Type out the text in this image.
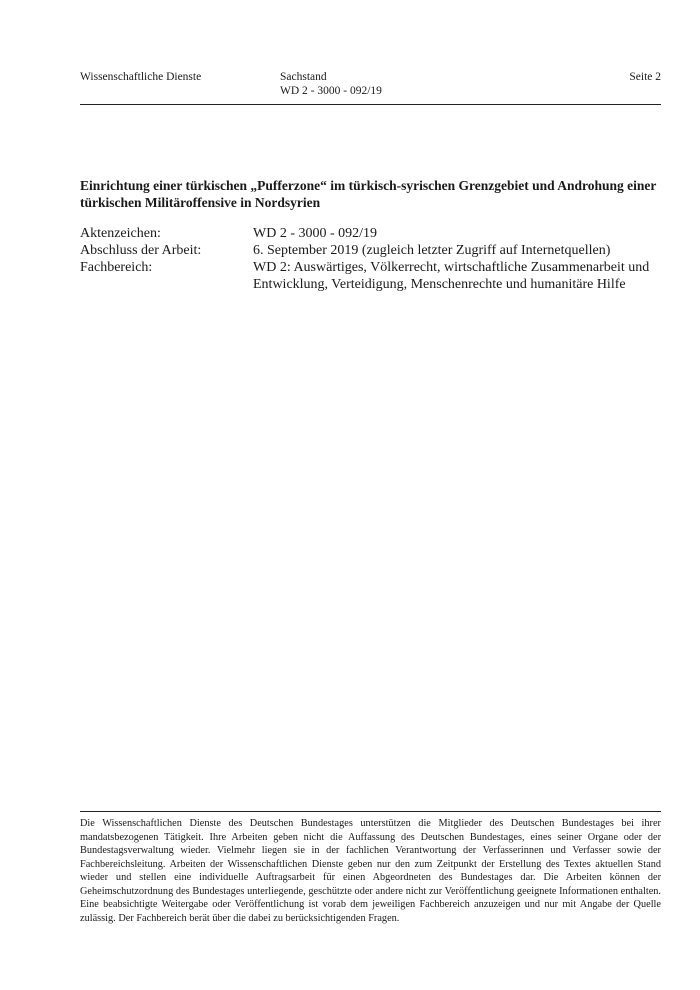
Wissenschaftliche Dienste	Sachstand
WD 2 - 3000 - 092/19
Seite 2
Einrichtung einer türkischen „Pufferzone“ im türkisch-syrischen Grenzgebiet und Androhung einer türkischen Militäroffensive in Nordsyrien
Aktenzeichen:	WD 2 - 3000 - 092/19
Abschluss der Arbeit:	6. September 2019 (zugleich letzter Zugriff auf Internetquellen)
Fachbereich:	WD 2: Auswärtiges, Völkerrecht, wirtschaftliche Zusammenarbeit und Entwicklung, Verteidigung, Menschenrechte und humanitäre Hilfe
Die Wissenschaftlichen Dienste des Deutschen Bundestages unterstützen die Mitglieder des Deutschen Bundestages bei ihrer mandatsbezogenen Tätigkeit. Ihre Arbeiten geben nicht die Auffassung des Deutschen Bundestages, eines seiner Organe oder der Bundestagsverwaltung wieder. Vielmehr liegen sie in der fachlichen Verantwortung der Verfasserinnen und Verfasser sowie der Fachbereichsleitung. Arbeiten der Wissenschaftlichen Dienste geben nur den zum Zeitpunkt der Erstellung des Textes aktuellen Stand wieder und stellen eine individuelle Auftragsarbeit für einen Abgeordneten des Bundestages dar. Die Arbeiten können der Geheimschutzordnung des Bundestages unterliegende, geschützte oder andere nicht zur Veröffentlichung geeignete Informationen enthalten. Eine beabsichtigte Weitergabe oder Veröffentlichung ist vorab dem jeweiligen Fachbereich anzuzeigen und nur mit Angabe der Quelle zulässig. Der Fachbereich berät über die dabei zu berücksichtigenden Fragen.
